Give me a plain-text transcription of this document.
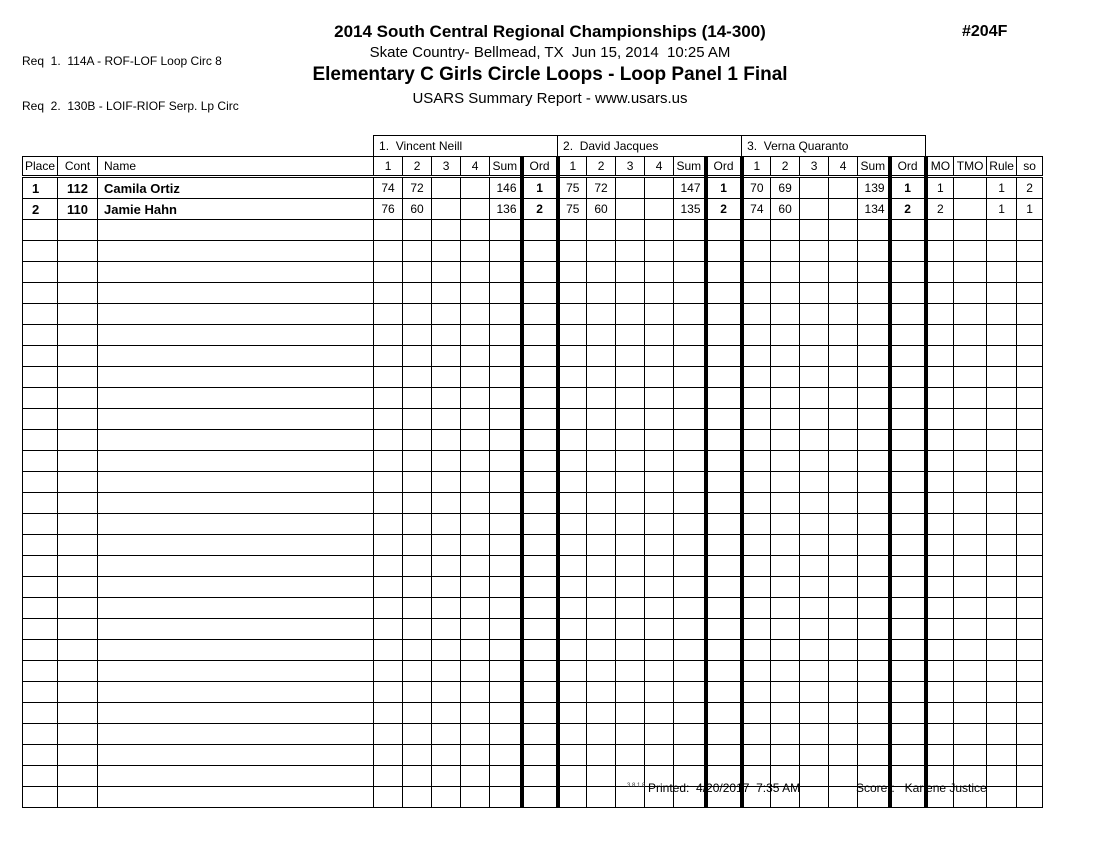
Req  1.  114A - ROF-LOF Loop Circ 8

Req  2.  130B - LOIF-RIOF Serp. Lp Circ

2014 South Central Regional Championships (14-300)
Skate Country- Bellmead, TX  Jun 15, 2014  10:25 AM
Elementary C Girls Circle Loops - Loop Panel 1 Final
USARS Summary Report - www.usars.us
#204F
			1.  Vincent Neill						2.  David Jacques						3.  Verna Quaranto									
Place	Cont	Name	1	2	3	4	Sum	Ord	1	2	3	4	Sum	Ord	1	2	3	4	Sum	Ord	MO	TMO	Rule	so
1	112	Camila Ortiz	74	72			146	1	75	72			147	1	70	69			139	1	1		1	2
2	110	Jamie Hahn	76	60			136	2	75	60			135	2	74	60			134	2	2		1	1

3.8.1.8 Printed:  4/20/2017  7:35 AM	Scorer:   Karlene Justice
